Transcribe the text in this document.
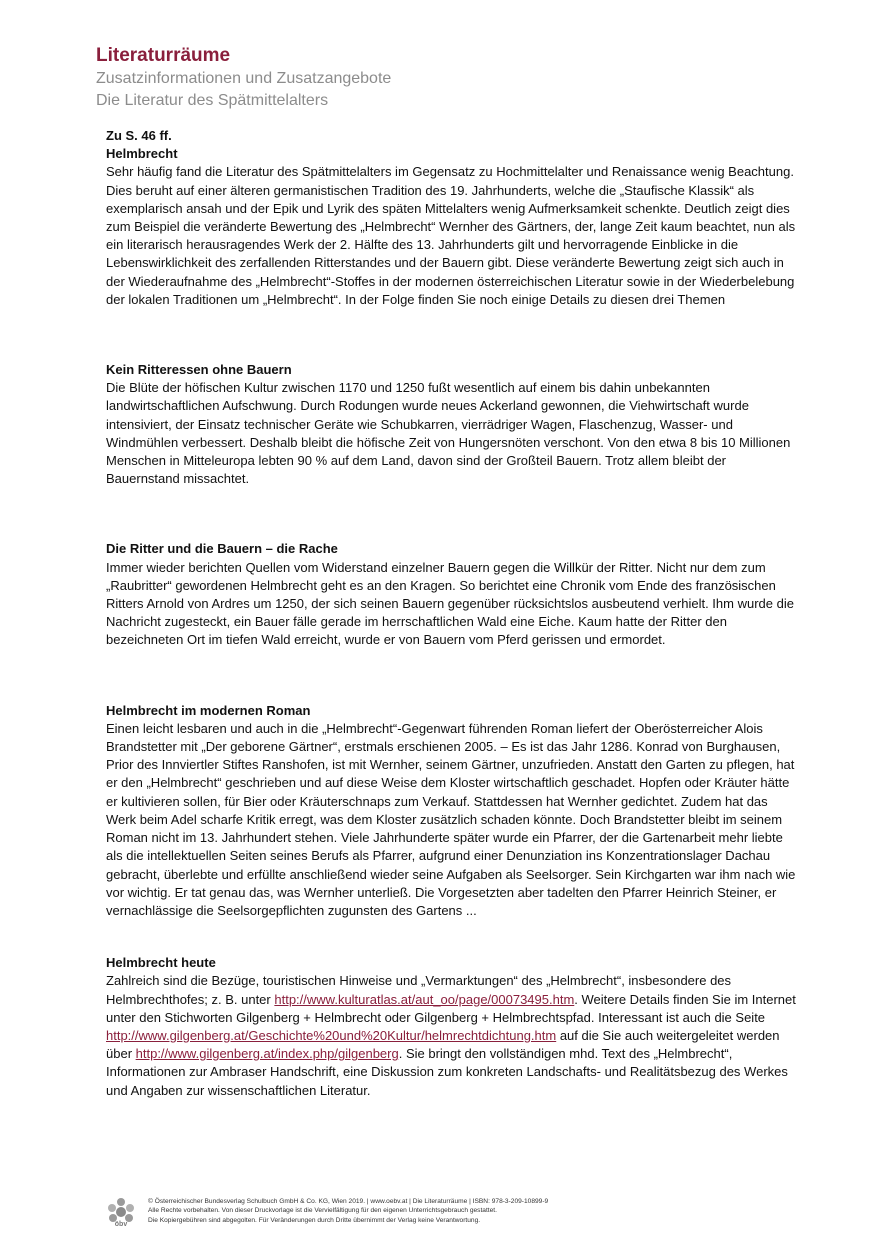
Literaturräume
Zusatzinformationen und Zusatzangebote
Die Literatur des Spätmittelalters
Zu S. 46 ff.
Helmbrecht

Sehr häufig fand die Literatur des Spätmittelalters im Gegensatz zu Hochmittelalter und Renaissance wenig Beachtung. Dies beruht auf einer älteren germanistischen Tradition des 19. Jahrhunderts, welche die „Staufische Klassik“ als exemplarisch ansah und der Epik und Lyrik des späten Mittelalters wenig Aufmerksamkeit schenkte. Deutlich zeigt dies zum Beispiel die veränderte Bewertung des „Helmbrecht“ Wernher des Gärtners, der, lange Zeit kaum beachtet, nun als ein literarisch herausragendes Werk der 2. Hälfte des 13. Jahrhunderts gilt und hervorragende Einblicke in die Lebenswirklichkeit des zerfallenden Ritterstandes und der Bauern gibt. Diese veränderte Bewertung zeigt sich auch in der Wiederaufnahme des „Helmbrecht“-Stoffes in der modernen österreichischen Literatur sowie in der Wiederbelebung der lokalen Traditionen um „Helmbrecht“. In der Folge finden Sie noch einige Details zu diesen drei Themen

Kein Ritteressen ohne Bauern

Die Blüte der höfischen Kultur zwischen 1170 und 1250 fußt wesentlich auf einem bis dahin unbekannten landwirtschaftlichen Aufschwung. Durch Rodungen wurde neues Ackerland gewonnen, die Viehwirtschaft wurde intensiviert, der Einsatz technischer Geräte wie Schubkarren, vierrädriger Wagen, Flaschenzug, Wasser- und Windmühlen verbessert. Deshalb bleibt die höfische Zeit von Hungersnöten verschont. Von den etwa 8 bis 10 Millionen Menschen in Mitteleuropa lebten 90 % auf dem Land, davon sind der Großteil Bauern. Trotz allem bleibt der Bauernstand missachtet.

Die Ritter und die Bauern – die Rache

Immer wieder berichten Quellen vom Widerstand einzelner Bauern gegen die Willkür der Ritter. Nicht nur dem zum „Raubritter“ gewordenen Helmbrecht geht es an den Kragen. So berichtet eine Chronik vom Ende des französischen Ritters Arnold von Ardres um 1250, der sich seinen Bauern gegenüber rücksichtslos ausbeutend verhielt. Ihm wurde die Nachricht zugesteckt, ein Bauer fälle gerade im herrschaftlichen Wald eine Eiche. Kaum hatte der Ritter den bezeichneten Ort im tiefen Wald erreicht, wurde er von Bauern vom Pferd gerissen und ermordet.

Helmbrecht im modernen Roman

Einen leicht lesbaren und auch in die „Helmbrecht“-Gegenwart führenden Roman liefert der Oberösterreicher Alois Brandstetter mit „Der geborene Gärtner“, erstmals erschienen 2005. – Es ist das Jahr 1286. Konrad von Burghausen, Prior des Innviertler Stiftes Ranshofen, ist mit Wernher, seinem Gärtner, unzufrieden. Anstatt den Garten zu pflegen, hat er den „Helmbrecht“ geschrieben und auf diese Weise dem Kloster wirtschaftlich geschadet. Hopfen oder Kräuter hätte er kultivieren sollen, für Bier oder Kräuterschnaps zum Verkauf. Stattdessen hat Wernher gedichtet. Zudem hat das Werk beim Adel scharfe Kritik erregt, was dem Kloster zusätzlich schaden könnte. Doch Brandstetter bleibt im seinem Roman nicht im 13. Jahrhundert stehen. Viele Jahrhunderte später wurde ein Pfarrer, der die Gartenarbeit mehr liebte als die intellektuellen Seiten seines Berufs als Pfarrer, aufgrund einer Denunziation ins Konzentrationslager Dachau gebracht, überlebte und erfüllte anschließend wieder seine Aufgaben als Seelsorger. Sein Kirchgarten war ihm nach wie vor wichtig. Er tat genau das, was Wernher unterließ. Die Vorgesetzten aber tadelten den Pfarrer Heinrich Steiner, er vernachlässige die Seelsorgepflichten zugunsten des Gartens ...

Helmbrecht heute

Zahlreich sind die Bezüge, touristischen Hinweise und „Vermarktungen“ des „Helmbrecht“, insbesondere des Helmbrechthofes; z. B. unter http://www.kulturatlas.at/aut_oo/page/00073495.htm. Weitere Details finden Sie im Internet unter den Stichworten Gilgenberg + Helmbrecht oder Gilgenberg + Helmbrechtspfad. Interessant ist auch die Seite http://www.gilgenberg.at/Geschichte%20und%20Kultur/helmrechtdichtung.htm auf die Sie auch weitergeleitet werden über http://www.gilgenberg.at/index.php/gilgenberg. Sie bringt den vollständigen mhd. Text des „Helmbrecht“, Informationen zur Ambraser Handschrift, eine Diskussion zum konkreten Landschafts- und Realitätsbezug des Werkes und Angaben zur wissenschaftlichen Literatur.

öbv
© Österreichischer Bundesverlag Schulbuch GmbH & Co. KG, Wien 2019. | www.oebv.at | Die Literaturräume | ISBN: 978-3-209-10899-9
Alle Rechte vorbehalten. Von dieser Druckvorlage ist die Vervielfältigung für den eigenen Unterrichtsgebrauch gestattet.
Die Kopiergebühren sind abgegolten. Für Veränderungen durch Dritte übernimmt der Verlag keine Verantwortung.
